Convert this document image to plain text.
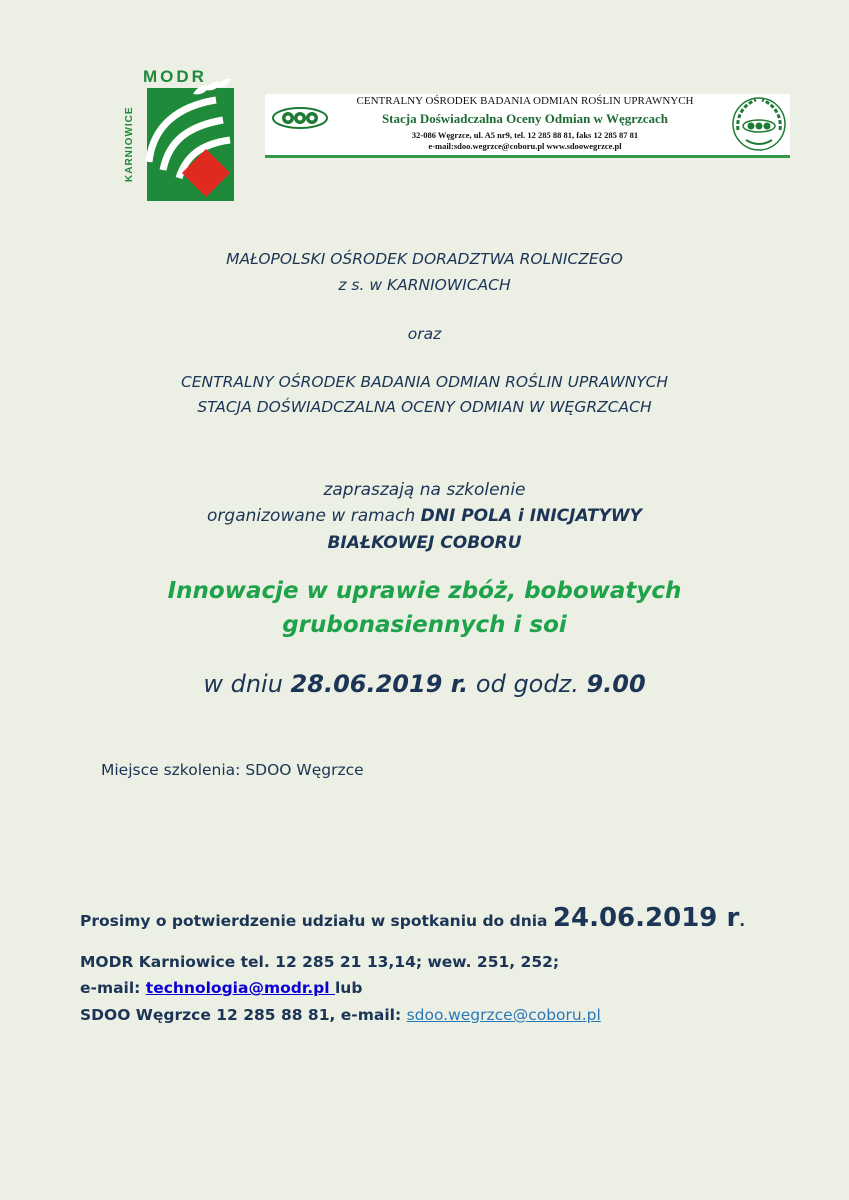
MODR
KARNIOWICE
CENTRALNY OŚRODEK BADANIA ODMIAN ROŚLIN UPRAWNYCH
Stacja Doświadczalna Oceny Odmian w Węgrzcach
32-086 Węgrzce, ul. A5 nr9, tel. 12 285 88 81, faks 12 285 87 81
e-mail:sdoo.wegrzce@coboru.pl www.sdoowegrzce.pl
MAŁOPOLSKI OŚRODEK DORADZTWA ROLNICZEGO
z s. w KARNIOWICACH
oraz
CENTRALNY OŚRODEK BADANIA ODMIAN ROŚLIN UPRAWNYCH
STACJA DOŚWIADCZALNA OCENY ODMIAN W WĘGRZCACH
zapraszają na szkolenie
organizowane w ramach DNI POLA i INICJATYWY
BIAŁKOWEJ COBORU
Innowacje w uprawie zbóż, bobowatych
grubonasiennych i soi
w dniu 28.06.2019 r. od godz. 9.00
Miejsce szkolenia: SDOO Węgrzce
Prosimy o potwierdzenie udziału w spotkaniu do dnia 24.06.2019 r.
MODR Karniowice tel. 12 285 21 13,14; wew. 251, 252;
e-mail: technologia@modr.pl lub
SDOO Węgrzce 12 285 88 81, e-mail: sdoo.wegrzce@coboru.pl
